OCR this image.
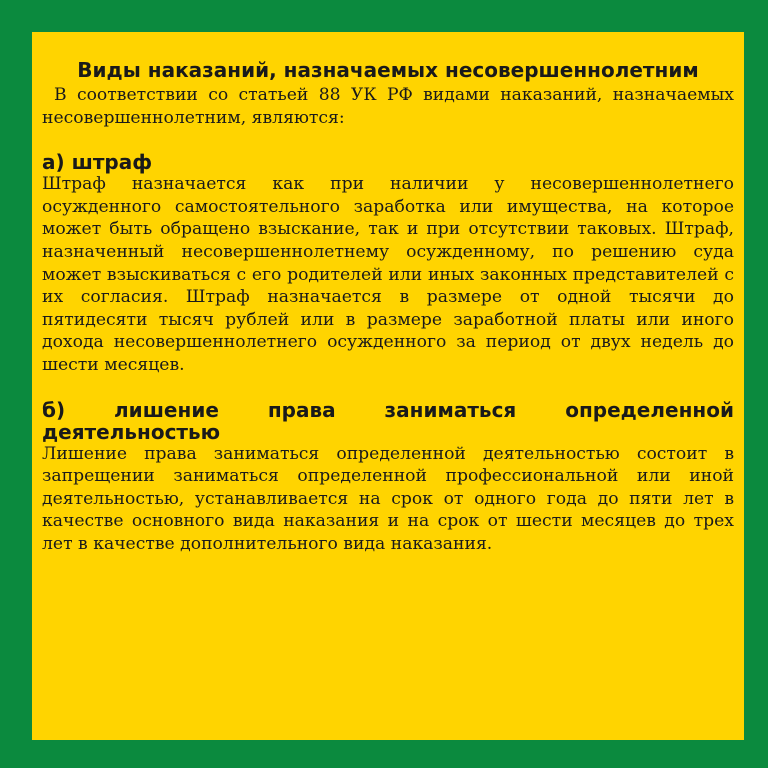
Виды наказаний, назначаемых несовершеннолетним

В соответствии со статьей 88 УК РФ видами наказаний, назначаемых несовершеннолетним, являются:

а) штраф

Штраф назначается как при наличии у несовершеннолетнего осужденного самостоятельного заработка или имущества, на которое может быть обращено взыскание, так и при отсутствии таковых. Штраф, назначенный несовершеннолетнему осужденному, по решению суда может взыскиваться с его родителей или иных законных представителей с их согласия. Штраф назначается в размере от одной тысячи до пятидесяти тысяч рублей или в размере заработной платы или иного дохода несовершеннолетнего осужденного за период от двух недель до шести месяцев.

б) лишение права заниматься определенной
деятельностью

Лишение права заниматься определенной деятельностью состоит в запрещении заниматься определенной профессиональной или иной деятельностью, устанавливается на срок от одного года до пяти лет в качестве основного вида наказания и на срок от шести месяцев до трех лет в качестве дополнительного вида наказания.
